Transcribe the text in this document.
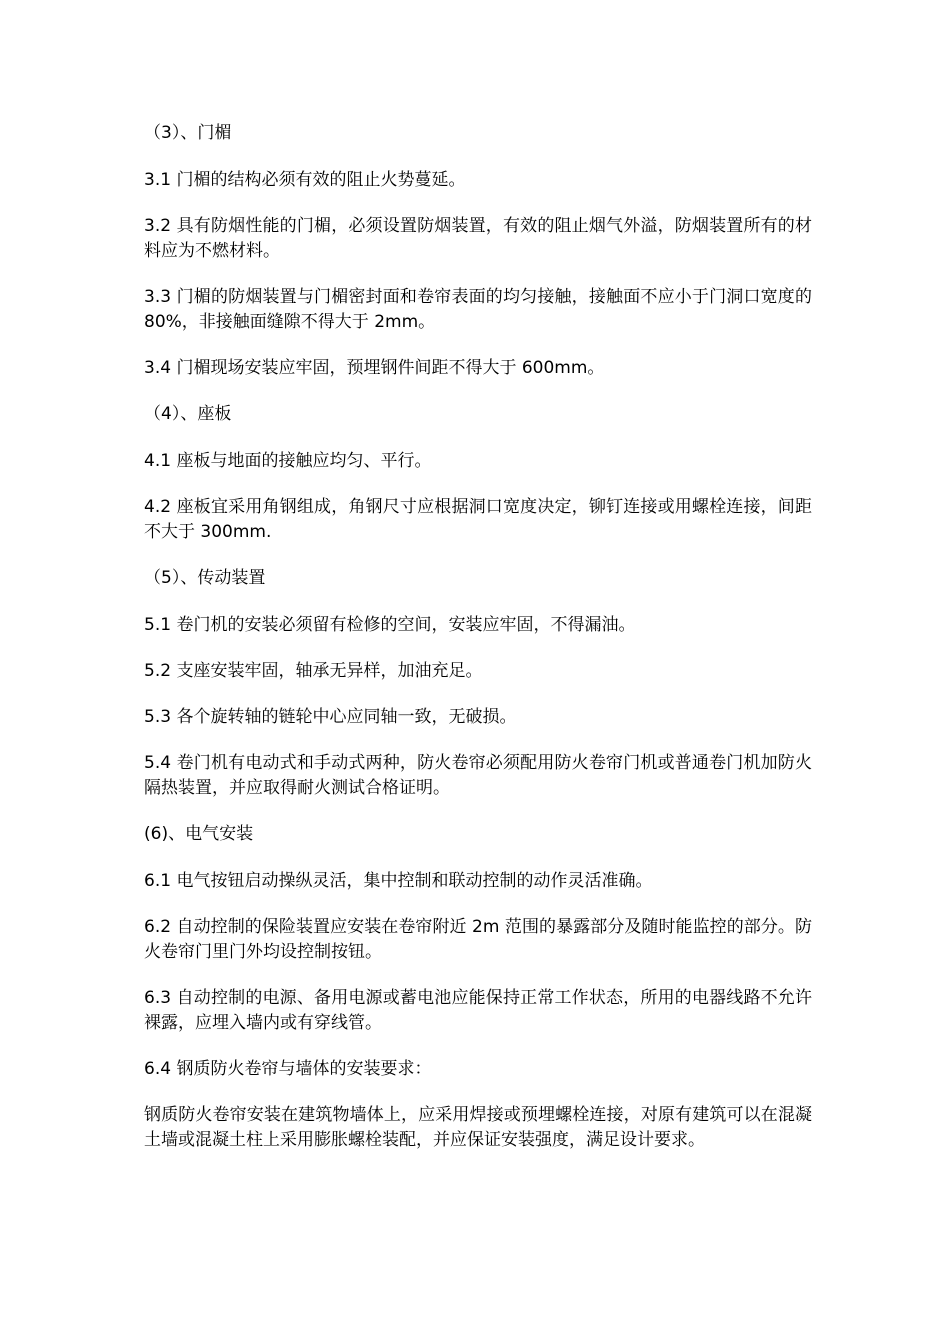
（3）、门楣

3.1 门楣的结构必须有效的阻止火势蔓延。

3.2 具有防烟性能的门楣，必须设置防烟装置，有效的阻止烟气外溢，防烟装置所有的材料应为不燃材料。

3.3 门楣的防烟装置与门楣密封面和卷帘表面的均匀接触，接触面不应小于门洞口宽度的 80%，非接触面缝隙不得大于 2mm。

3.4 门楣现场安装应牢固，预埋钢件间距不得大于 600mm。

（4）、座板

4.1 座板与地面的接触应均匀、平行。

4.2 座板宜采用角钢组成，角钢尺寸应根据洞口宽度决定，铆钉连接或用螺栓连接，间距不大于 300mm.

（5）、传动装置

5.1 卷门机的安装必须留有检修的空间，安装应牢固，不得漏油。

5.2 支座安装牢固，轴承无异样，加油充足。

5.3 各个旋转轴的链轮中心应同轴一致，无破损。

5.4 卷门机有电动式和手动式两种，防火卷帘必须配用防火卷帘门机或普通卷门机加防火隔热装置，并应取得耐火测试合格证明。

(6)、电气安装

6.1 电气按钮启动操纵灵活，集中控制和联动控制的动作灵活准确。

6.2 自动控制的保险装置应安装在卷帘附近 2m 范围的暴露部分及随时能监控的部分。防火卷帘门里门外均设控制按钮。

6.3 自动控制的电源、备用电源或蓄电池应能保持正常工作状态，所用的电器线路不允许裸露，应埋入墙内或有穿线管。

6.4 钢质防火卷帘与墙体的安装要求：

钢质防火卷帘安装在建筑物墙体上，应采用焊接或预埋螺栓连接，对原有建筑可以在混凝土墙或混凝土柱上采用膨胀螺栓装配，并应保证安装强度，满足设计要求。
